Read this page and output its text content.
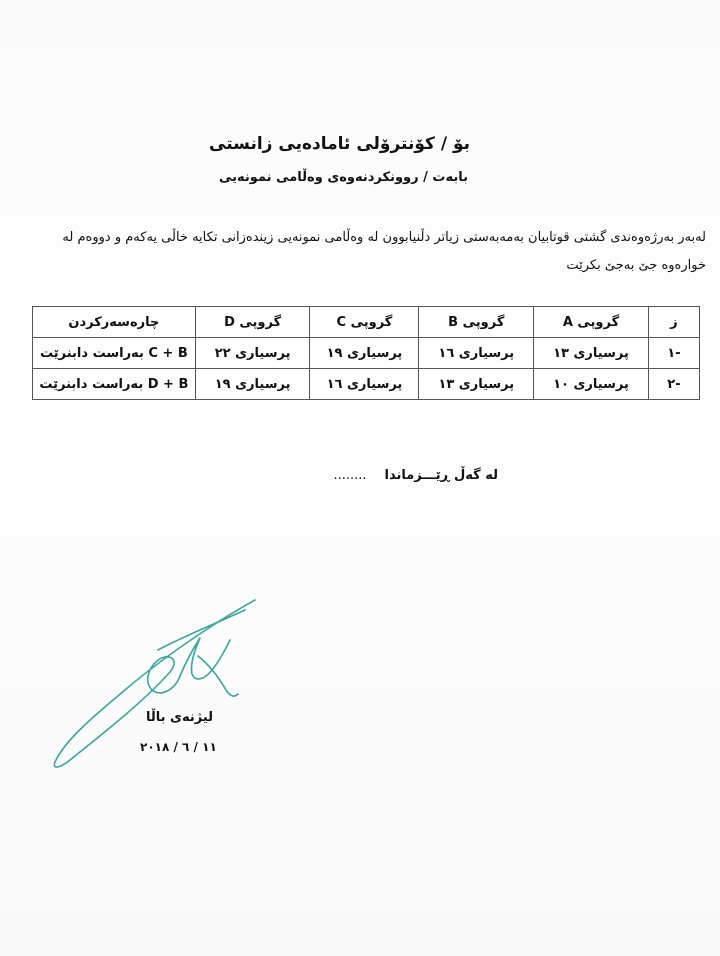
بۆ / کۆنترۆلی ئامادەیی زانستی
بابەت / روونکردنەوەی وەڵامی نمونەیی
لەبەر بەرژەوەندی گشتی قوتابیان بەمەبەستی زیاتر دڵنیابوون لە وەڵامی نمونەیی زیندەزانی تکایە خاڵی یەکەم و دووەم لە خوارەوە جێ بەجێ بکرێت
ز	گروپی A	گروپی B	گروپی C	گروپی D	چارەسەرکردن
-١	پرسیاری ١٣	پرسیاری ١٦	پرسیاری ١٩	پرسیاری ٢٢	C + B بەراست دابنرێت
-٢	پرسیاری ١٠	پرسیاری ١٣	پرسیاری ١٦	پرسیاری ١٩	D + B بەراست دابنرێت
لە گەڵ ڕێـــزماندا........
لیژنەی باڵا
١١ / ٦ / ٢٠١٨
